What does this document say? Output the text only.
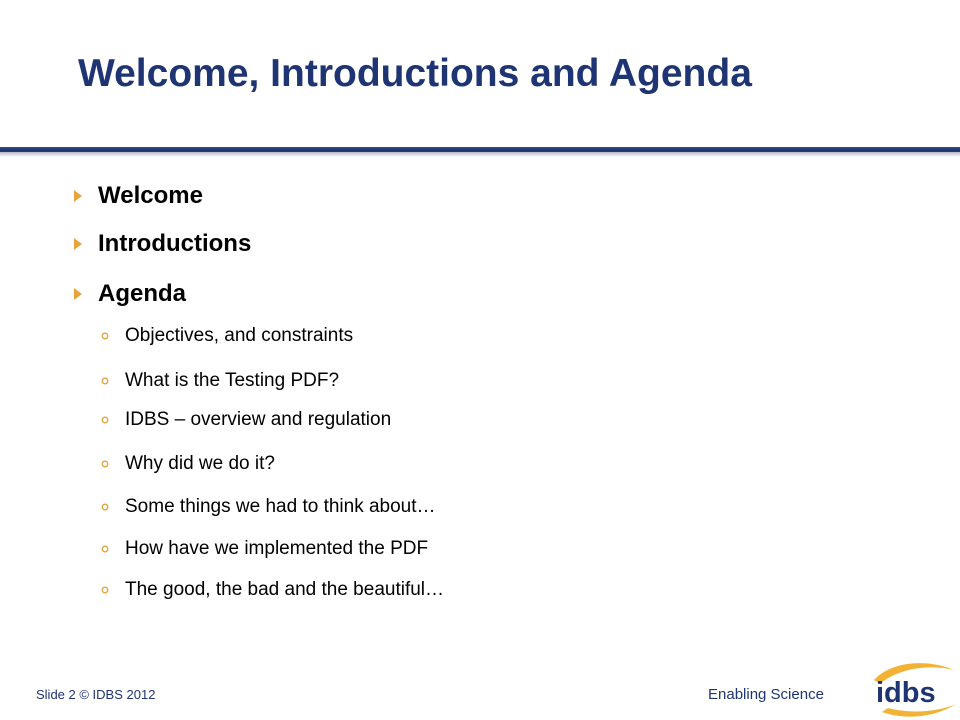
Welcome, Introductions and Agenda
Welcome
Introductions
Agenda
Objectives, and constraints
What is the Testing PDF?
IDBS – overview and regulation
Why did we do it?
Some things we had to think about…
How have we implemented the PDF
The good, the bad and the beautiful…
Slide 2 © IDBS 2012	Enabling Science idbs
